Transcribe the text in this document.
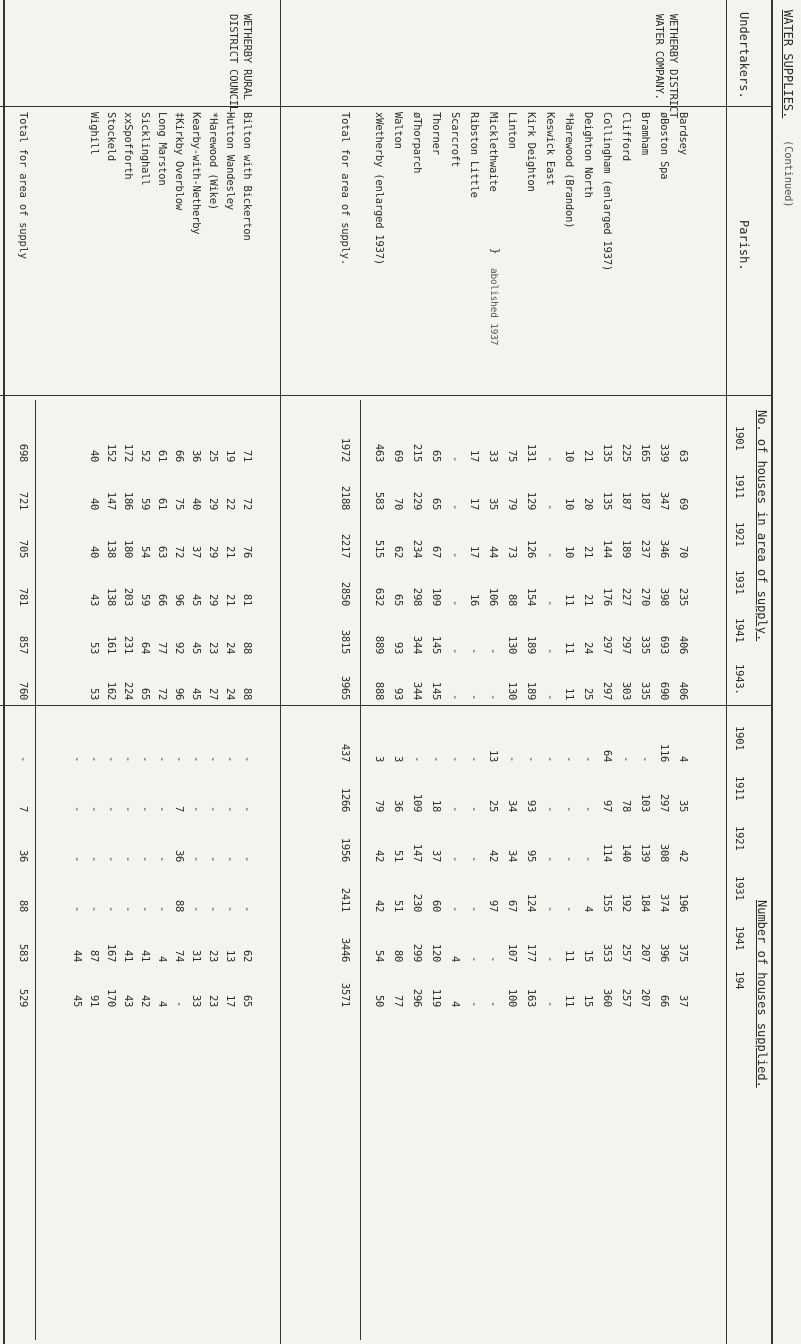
WATER SUPPLIES.
(Continued)
Undertakers.
Parish.
No. of houses in area of supply.
Number of houses supplied.
WETHERBY DISTRICT
WATER COMPANY.
abolished 1937
WETHERBY RURAL
DISTRICT COUNCIL.
1901
1911
1921
1931
1941
1943.
1901
1911
1921
1931
1941
194
Bardsey
63
69
70
235
406
406
4
35
42
196
375
37
øBoston Spa
339
347
346
398
693
690
116
297
308
374
396
66
Bramham
165
187
237
270
335
335
-
103
139
184
207
207
Clifford
225
187
189
227
297
303
-
78
140
192
257
257
Collingham (enlarged 1937)
135
135
144
176
297
297
64
97
114
155
353
360
Deighton North
21
20
21
21
24
25
-
-
-
4
15
15
*Harewood (Brandon)
10
10
10
11
11
11
-
-
-
-
11
11
Keswick East
-
-
-
-
-
-
-
-
-
-
-
-
Kirk Deighton
131
129
126
154
189
189
-
93
95
124
177
163
Linton
75
79
73
88
130
130
-
34
34
67
107
100
Micklethwaite
33
35
44
106
-
-
13
25
42
97
-
-
Ribston Little
17
17
17
16
-
-
-
-
-
-
-
-
Scarcroft
-
-
-
-
-
-
-
-
-
-
4
4
Thorner
65
65
67
109
145
145
-
18
37
60
120
119
øThorparch
215
229
234
298
344
344
-
109
147
230
299
296
Walton
69
70
62
65
93
93
3
36
51
51
80
77
xWetherby (enlarged 1937)
463
583
515
632
889
888
3
79
42
42
54
50
Total for area of supply.
1972
2188
2217
2850
3815
3965
437
1266
1956
2411
3446
3571
Bilton with Bickerton
71
72
76
81
88
88
-
-
-
-
62
65
Hutton Wandesley
19
22
21
21
24
24
-
-
-
-
13
17
*Harewood (Wike)
25
29
29
29
23
27
-
-
-
-
23
23
Kearby-with-Netherby
36
40
37
45
45
45
-
-
-
-
31
33
‡Kirkby Overblow
66
75
72
96
92
96
-
7
36
88
74
-
Long Marston
61
61
63
66
77
72
-
-
-
-
4
4
Sicklinghall
52
59
54
59
64
65
-
-
-
-
41
42
xxSpofforth
172
186
180
203
231
224
-
-
-
-
41
43
Stockeld
152
147
138
138
161
162
-
-
-
-
167
170
Wighill
40
40
40
43
53
53
-
-
-
-
87
91
-
-
-
-
44
45
Total for area of supply
698
721
705
781
857
760
-
7
36
88
583
529
}
